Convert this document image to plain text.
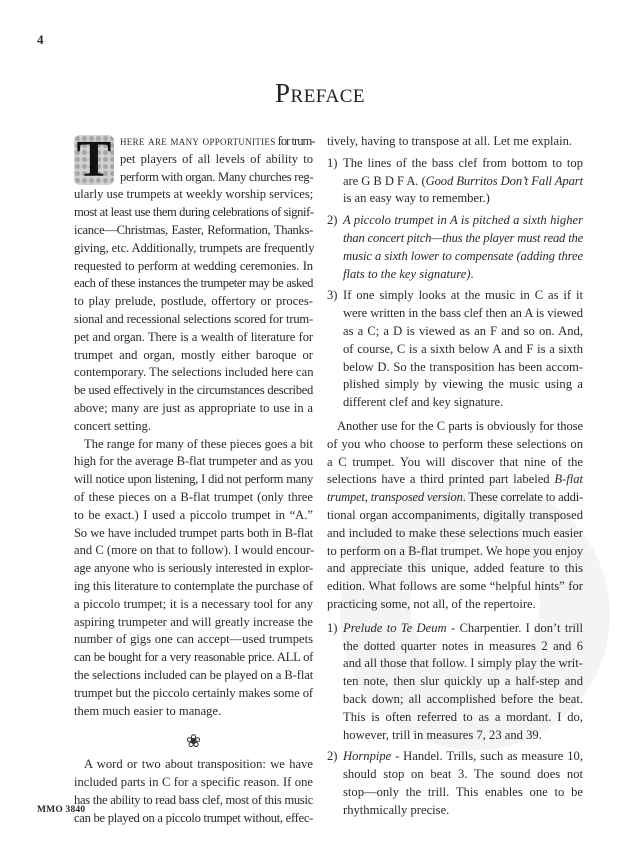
4
Preface
T here are many opportunities for trum-
pet players of all levels of ability to
perform with organ. Many churches reg-
ularly use trumpets at weekly worship services;
most at least use them during celebrations of signif-
icance—Christmas, Easter, Reformation, Thanks-
giving, etc. Additionally, trumpets are frequently
requested to perform at wedding ceremonies. In
each of these instances the trumpeter may be asked
to play prelude, postlude, offertory or proces-
sional and recessional selections scored for trum-
pet and organ. There is a wealth of literature for
trumpet and organ, mostly either baroque or
contemporary. The selections included here can
be used effectively in the circumstances described
above; many are just as appropriate to use in a
concert setting.
The range for many of these pieces goes a bit
high for the average B-flat trumpeter and as you
will notice upon listening, I did not perform many
of these pieces on a B-flat trumpet (only three
to be exact.) I used a piccolo trumpet in “A.”
So we have included trumpet parts both in B-flat
and C (more on that to follow). I would encour-
age anyone who is seriously interested in explor-
ing this literature to contemplate the purchase of
a piccolo trumpet; it is a necessary tool for any
aspiring trumpeter and will greatly increase the
number of gigs one can accept—used trumpets
can be bought for a very reasonable price. ALL of
the selections included can be played on a B-flat
trumpet but the piccolo certainly makes some of
them much easier to manage.
❀
A word or two about transposition: we have
included parts in C for a specific reason. If one
has the ability to read bass clef, most of this music
can be played on a piccolo trumpet without, effec-
tively, having to transpose at all. Let me explain.
1) The lines of the bass clef from bottom to top
are G B D F A. (Good Burritos Don’t Fall Apart
is an easy way to remember.)
2) A piccolo trumpet in A is pitched a sixth higher
than concert pitch—thus the player must read the
music a sixth lower to compensate (adding three
flats to the key signature).
3) If one simply looks at the music in C as if it
were written in the bass clef then an A is viewed
as a C; a D is viewed as an F and so on. And,
of course, C is a sixth below A and F is a sixth
below D. So the transposition has been accom-
plished simply by viewing the music using a
different clef and key signature.
Another use for the C parts is obviously for those
of you who choose to perform these selections on
a C trumpet. You will discover that nine of the
selections have a third printed part labeled B-flat
trumpet, transposed version. These correlate to addi-
tional organ accompaniments, digitally transposed
and included to make these selections much easier
to perform on a B-flat trumpet. We hope you enjoy
and appreciate this unique, added feature to this
edition. What follows are some “helpful hints” for
practicing some, not all, of the repertoire.
1) Prelude to Te Deum - Charpentier. I don’t trill
the dotted quarter notes in measures 2 and 6
and all those that follow. I simply play the writ-
ten note, then slur quickly up a half-step and
back down; all accomplished before the beat.
This is often referred to as a mordant. I do,
however, trill in measures 7, 23 and 39.
2) Hornpipe - Handel. Trills, such as measure 10,
should stop on beat 3. The sound does not
stop—only the trill. This enables one to be
rhythmically precise.
MMO 3840
